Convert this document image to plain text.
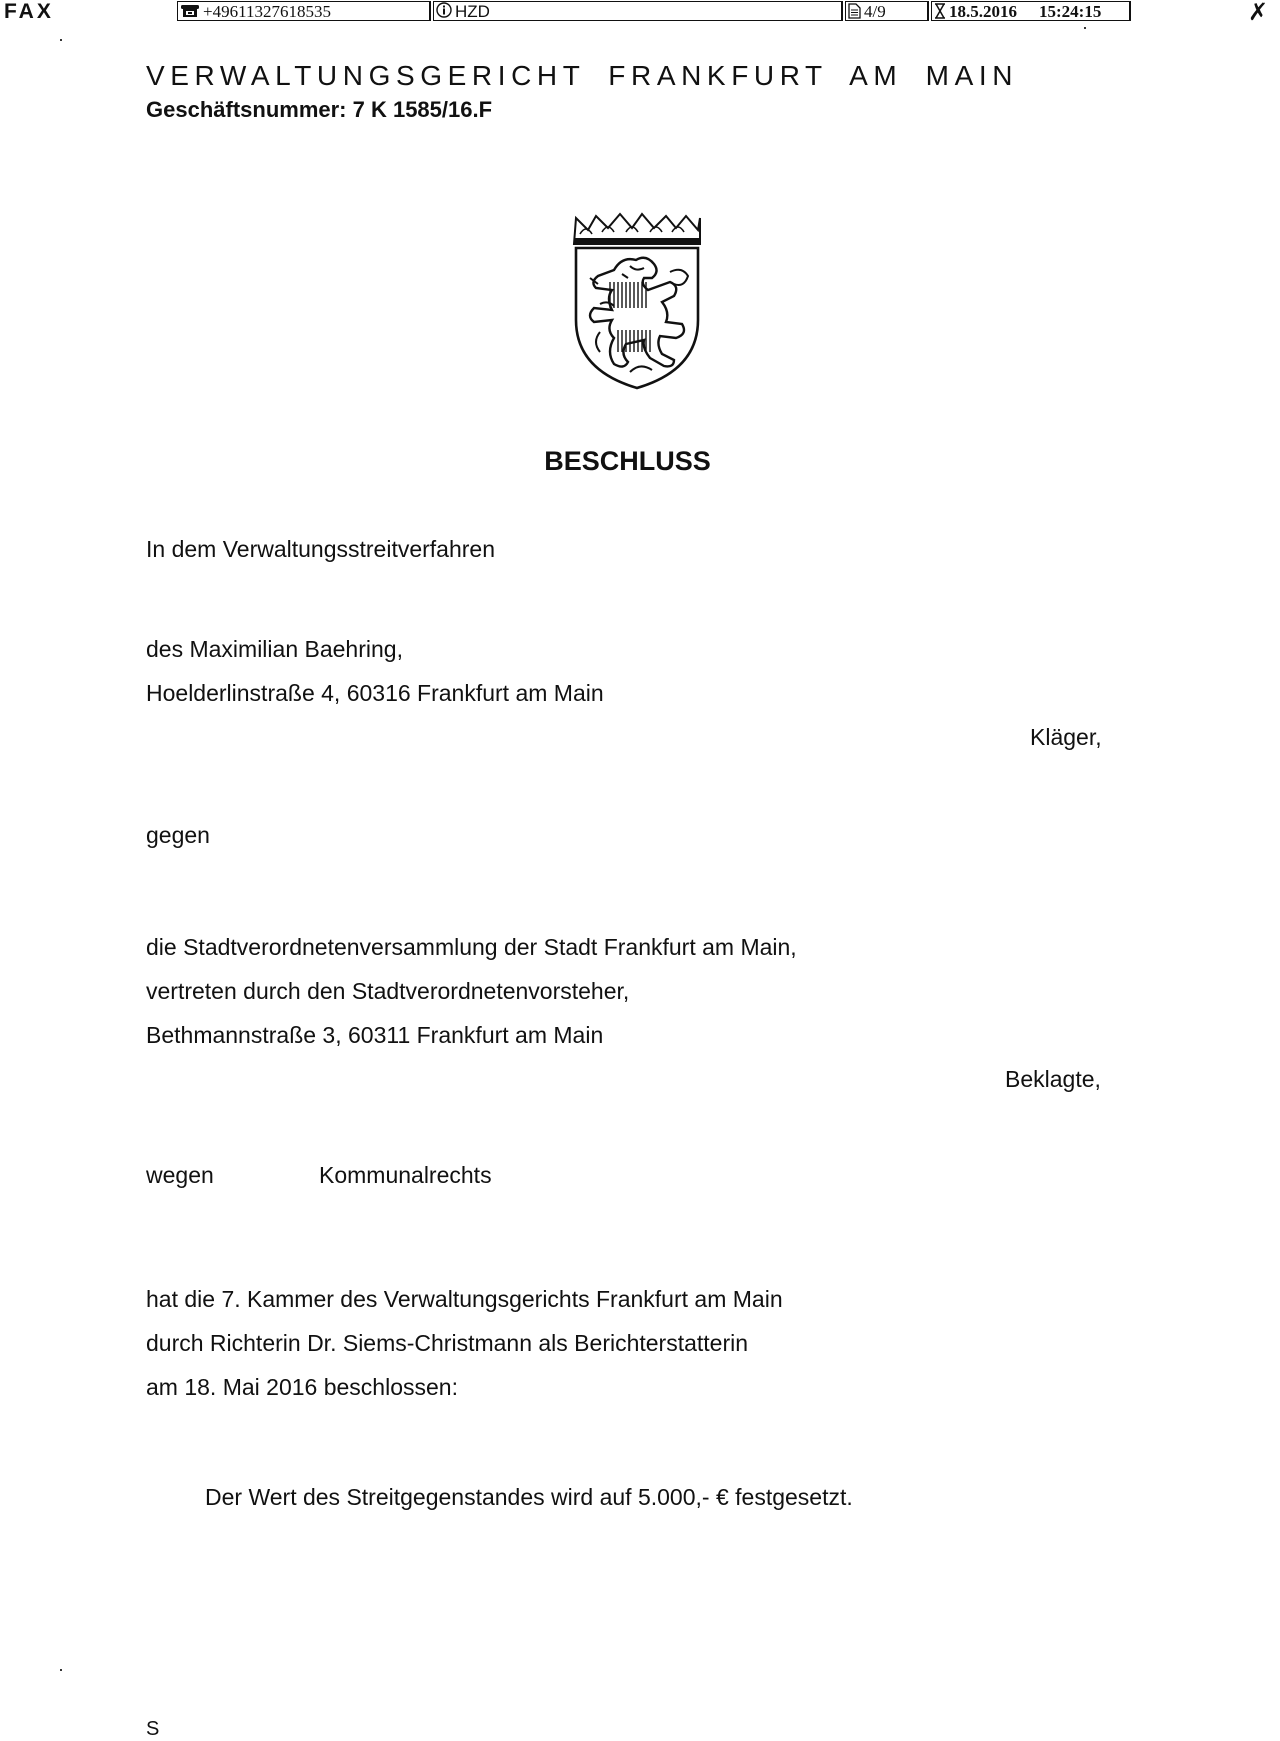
FAX	+49611327618535	HZD	4/9	18.5.2016 15:24:15	✗
·
·
·
VERWALTUNGSGERICHT FRANKFURT AM MAIN
Geschäftsnummer: 7 K 1585/16.F
BESCHLUSS
In dem Verwaltungsstreitverfahren
des Maximilian Baehring,
Hoelderlinstraße 4, 60316 Frankfurt am Main
Kläger,
gegen
die Stadtverordnetenversammlung der Stadt Frankfurt am Main,
vertreten durch den Stadtverordnetenvorsteher,
Bethmannstraße 3, 60311 Frankfurt am Main
Beklagte,
wegen	Kommunalrechts
hat die 7. Kammer des Verwaltungsgerichts Frankfurt am Main
durch Richterin Dr. Siems-Christmann als Berichterstatterin
am 18. Mai 2016 beschlossen:
Der Wert des Streitgegenstandes wird auf 5.000,- € festgesetzt.
S
